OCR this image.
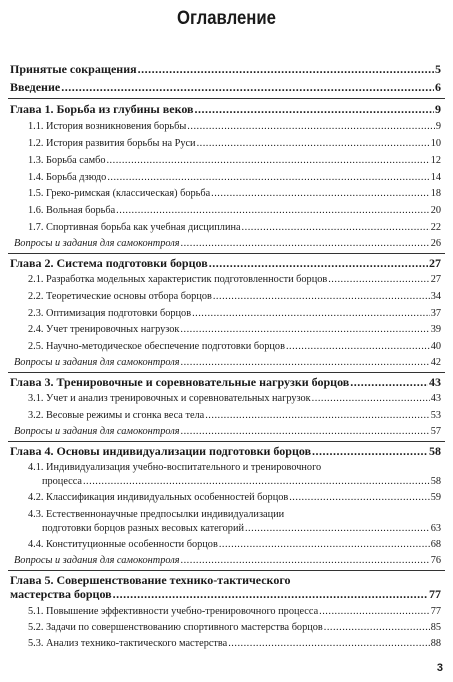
Оглавление
Принятые сокращения .....	5
Введение .....	6
Глава 1. Борьба из глубины веков .....	9
1.1. История возникновения борьбы .....	9
1.2. История развития борьбы на Руси .....	10
1.3. Борьба самбо .....	12
1.4. Борьба дзюдо .....	14
1.5. Греко-римская (классическая) борьба .....	18
1.6. Вольная борьба .....	20
1.7. Спортивная борьба как учебная дисциплина .....	22
Вопросы и задания для самоконтроля .....	26
Глава 2. Система подготовки борцов .....	27
2.1. Разработка модельных характеристик подготовленности борцов .....	27
2.2. Теоретические основы отбора борцов .....	34
2.3. Оптимизация подготовки борцов .....	37
2.4. Учет тренировочных нагрузок .....	39
2.5. Научно-методическое обеспечение подготовки борцов .....	40
Вопросы и задания для самоконтроля .....	42
Глава 3. Тренировочные и соревновательные нагрузки борцов .....	43
3.1. Учет и анализ тренировочных и соревновательных нагрузок .....	43
3.2. Весовые режимы и сгонка веса тела .....	53
Вопросы и задания для самоконтроля .....	57
Глава 4. Основы индивидуализации подготовки борцов .....	58
4.1. Индивидуализация учебно-воспитательного и тренировочного
процесса .....	58
4.2. Классификация индивидуальных особенностей борцов .....	59
4.3. Естественнонаучные предпосылки индивидуализации
подготовки борцов разных весовых категорий .....	63
4.4. Конституционные особенности борцов .....	68
Вопросы и задания для самоконтроля .....	76
Глава 5. Совершенствование технико-тактического
мастерства борцов .....	77
5.1. Повышение эффективности учебно-тренировочного процесса .....	77
5.2. Задачи по совершенствованию спортивного мастерства борцов .....	85
5.3. Анализ технико-тактического мастерства .....	88
3
